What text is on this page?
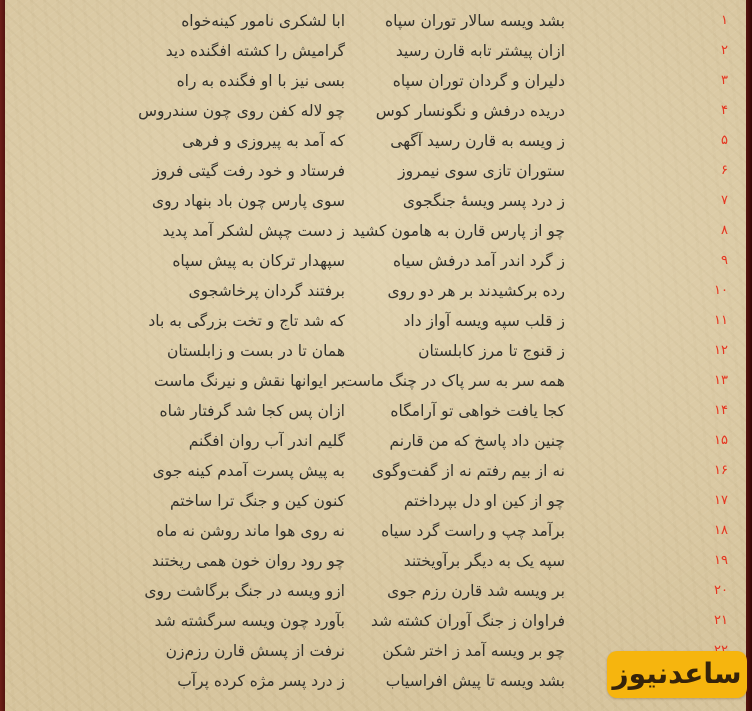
۱
بشد ویسه سالار توران سپاه
ابا لشکری نامور کینه‌خواه
۲
ازان پیشتر تابه قارن رسید
گرامیش را کشته افگنده دید
۳
دلیران و گردان توران سپاه
بسی نیز با او فگنده به راه
۴
دریده درفش و نگونسار کوس
چو لاله کفن روی چون سندروس
۵
ز ویسه به قارن رسید آگهی
که آمد به پیروزی و فرهی
۶
ستوران تازی سوی نیمروز
فرستاد و خود رفت گیتی فروز
۷
ز درد پسر ویسهٔ جنگجوی
سوی پارس چون باد بنهاد روی
۸
چو از پارس قارن به هامون کشید
ز دست چپش لشکر آمد پدید
۹
ز گرد اندر آمد درفش سیاه
سپهدار ترکان به پیش سپاه
۱۰
رده برکشیدند بر هر دو روی
برفتند گردان پرخاشجوی
۱۱
ز قلب سپه ویسه آواز داد
که شد تاج و تخت بزرگی به باد
۱۲
ز قنوج تا مرز کابلستان
همان تا در بست و زابلستان
۱۳
همه سر به سر پاک در چنگ ماست
بر ایوانها نقش و نیرنگ ماست
۱۴
کجا یافت خواهی تو آرامگاه
ازان پس کجا شد گرفتار شاه
۱۵
چنین داد پاسخ که من قارنم
گلیم اندر آب روان افگنم
۱۶
نه از بیم رفتم نه از گفت‌وگوی
به پیش پسرت آمدم کینه جوی
۱۷
چو از کین او دل بپرداختم
کنون کین و جنگ ترا ساختم
۱۸
برآمد چپ و راست گرد سیاه
نه روی هوا ماند روشن نه ماه
۱۹
سپه یک به دیگر برآویختند
چو رود روان خون همی ریختند
۲۰
بر ویسه شد قارن رزم جوی
ازو ویسه در جنگ برگاشت روی
۲۱
فراوان ز جنگ آوران کشته شد
بآورد چون ویسه سرگشته شد
چو بر ویسه آمد ز اختر شکن
نرفت از پسش قارن رزم‌زن
بشد ویسه تا پیش افراسیاب
ز درد پسر مژه کرده پرآب	ساعدنیوز
